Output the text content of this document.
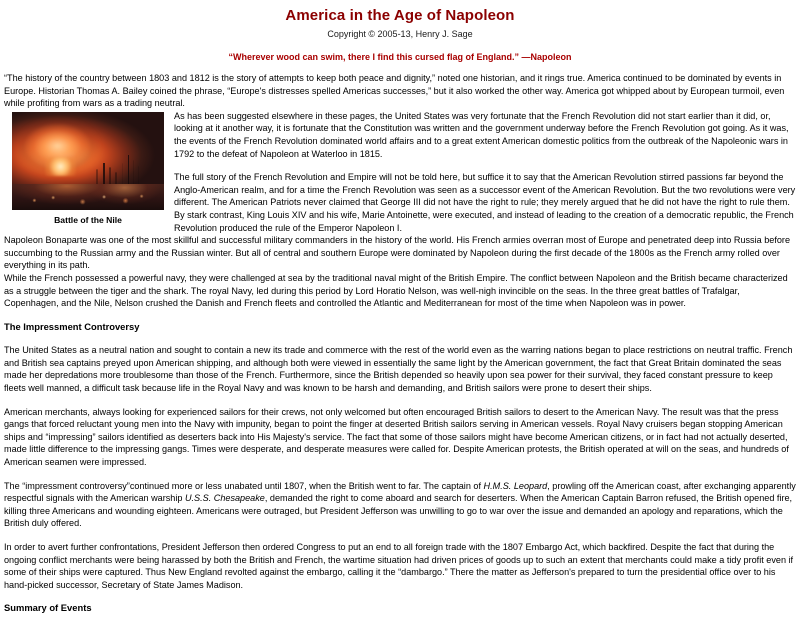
America in the Age of Napoleon
Copyright © 2005-13, Henry J. Sage
“Wherever wood can swim, there I find this cursed flag of England.” —Napoleon

“The history of the country between 1803 and 1812 is the story of attempts to keep both peace and dignity,” noted one historian, and it rings true. America continued to be dominated by events in Europe. Historian Thomas A. Bailey coined the phrase, “Europe's distresses spelled Americas successes,” but it also worked the other way. America got whipped about by European turmoil, even while profiting from wars as a trading neutral.

Battle of the Nile

As has been suggested elsewhere in these pages, the United States was very fortunate that the French Revolution did not start earlier than it did, or, looking at it another way, it is fortunate that the Constitution was written and the government underway before the French Revolution got going. As it was, the events of the French Revolution dominated world affairs and to a great extent American domestic politics from the outbreak of the Napoleonic wars in 1792 to the defeat of Napoleon at Waterloo in 1815.

The full story of the French Revolution and Empire will not be told here, but suffice it to say that the American Revolution stirred passions far beyond the Anglo-American realm, and for a time the French Revolution was seen as a successor event of the American Revolution. But the two revolutions were very different. The American Patriots never claimed that George III did not have the right to rule; they merely argued that he did not have the right to rule them. By stark contrast, King Louis XIV and his wife, Marie Antoinette, were executed, and instead of leading to the creation of a democratic republic, the French Revolution produced the rule of the Emperor Napoleon I.

Napoleon Bonaparte was one of the most skillful and successful military commanders in the history of the world. His French armies overran most of Europe and penetrated deep into Russia before succumbing to the Russian army and the Russian winter. But all of central and southern Europe were dominated by Napoleon during the first decade of the 1800s as the French army rolled over everything in its path.

While the French possessed a powerful navy, they were challenged at sea by the traditional naval might of the British Empire. The conflict between Napoleon and the British became characterized as a struggle between the tiger and the shark. The royal Navy, led during this period by Lord Horatio Nelson, was well-nigh invincible on the seas. In the three great battles of Trafalgar, Copenhagen, and the Nile, Nelson crushed the Danish and French fleets and controlled the Atlantic and Mediterranean for most of the time when Napoleon was in power.

The Impressment Controversy

The United States as a neutral nation and sought to contain a new its trade and commerce with the rest of the world even as the warring nations began to place restrictions on neutral traffic. French and British sea captains preyed upon American shipping, and although both were viewed in essentially the same light by the American government, the fact that Great Britain dominated the seas made her depredations more troublesome than those of the French. Furthermore, since the British depended so heavily upon sea power for their survival, they faced constant pressure to keep fleets well manned, a difficult task because life in the Royal Navy and was known to be harsh and demanding, and British sailors were prone to desert their ships.

American merchants, always looking for experienced sailors for their crews, not only welcomed but often encouraged British sailors to desert to the American Navy. The result was that the press gangs that forced reluctant young men into the Navy with impunity, began to point the finger at deserted British sailors serving in American vessels. Royal Navy cruisers began stopping American ships and “impressing” sailors identified as deserters back into His Majesty's service. The fact that some of those sailors might have become American citizens, or in fact had not actually deserted, made little difference to the impressing gangs. Times were desperate, and desperate measures were called for. Despite American protests, the British operated at will on the seas, and hundreds of American seamen were impressed.

The “impressment controversy”continued more or less unabated until 1807, when the British went to far. The captain of H.M.S. Leopard, prowling off the American coast, after exchanging apparently respectful signals with the American warship U.S.S. Chesapeake, demanded the right to come aboard and search for deserters. When the American Captain Barron refused, the British opened fire, killing three Americans and wounding eighteen. Americans were outraged, but President Jefferson was unwilling to go to war over the issue and demanded an apology and reparations, which the British duly offered.

In order to avert further confrontations, President Jefferson then ordered Congress to put an end to all foreign trade with the 1807 Embargo Act, which backfired. Despite the fact that during the ongoing conflict merchants were being harassed by both the British and French, the wartime situation had driven prices of goods up to such an extent that merchants could make a tidy profit even if some of their ships were captured. Thus New England revolted against the embargo, calling it the “dambargo.” There the matter as Jefferson's prepared to turn the presidential office over to his hand-picked successor, Secretary of State James Madison.

Summary of Events
